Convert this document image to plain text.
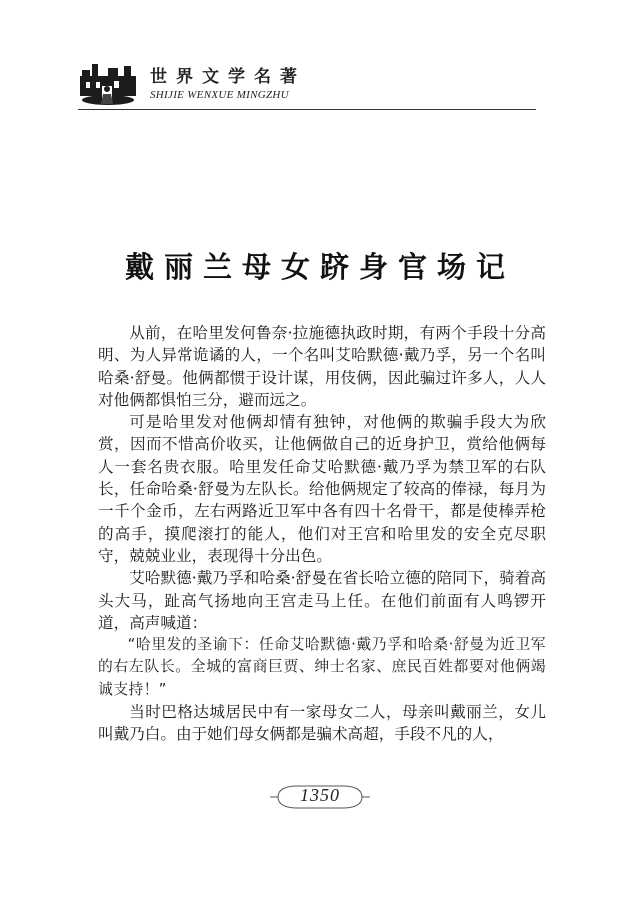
世界文学名著
SHIJIE WENXUE MINGZHU
戴丽兰母女跻身官场记

从前，在哈里发何鲁奈·拉施德执政时期，有两个手段十分高明、为人异常诡谲的人，一个名叫艾哈默德·戴乃孚，另一个名叫哈桑·舒曼。他俩都惯于设计谋，用伎俩，因此骗过许多人，人人对他俩都惧怕三分，避而远之。

可是哈里发对他俩却情有独钟，对他俩的欺骗手段大为欣赏，因而不惜高价收买，让他俩做自己的近身护卫，赏给他俩每人一套名贵衣服。哈里发任命艾哈默德·戴乃孚为禁卫军的右队长，任命哈桑·舒曼为左队长。给他俩规定了较高的俸禄，每月为一千个金币，左右两路近卫军中各有四十名骨干，都是使棒弄枪的高手，摸爬滚打的能人，他们对王宫和哈里发的安全克尽职守，兢兢业业，表现得十分出色。

艾哈默德·戴乃孚和哈桑·舒曼在省长哈立德的陪同下，骑着高头大马，趾高气扬地向王宫走马上任。在他们前面有人鸣锣开道，高声喊道：

“哈里发的圣谕下：任命艾哈默德·戴乃孚和哈桑·舒曼为近卫军的右左队长。全城的富商巨贾、绅士名家、庶民百姓都要对他俩竭诚支持！”

当时巴格达城居民中有一家母女二人，母亲叫戴丽兰，女儿叫戴乃白。由于她们母女俩都是骗术高超，手段不凡的人，

1350
